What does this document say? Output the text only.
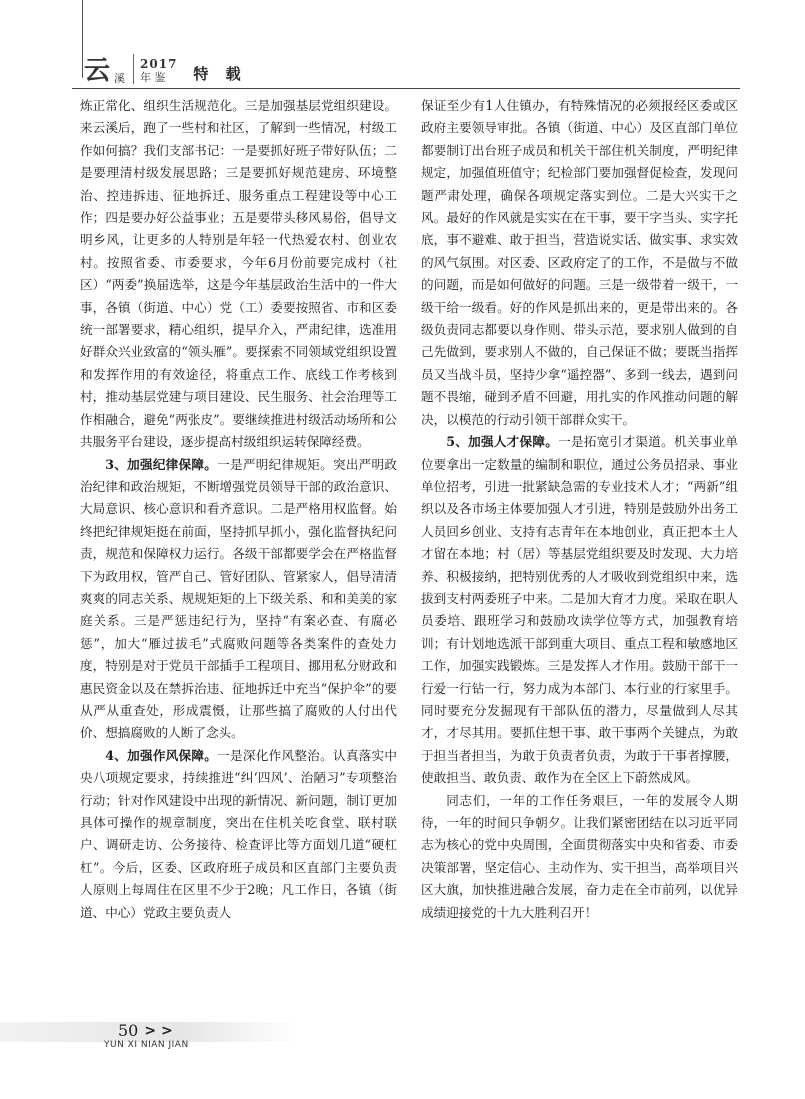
云 溪
2017
年 鉴	特 载

炼正常化、组织生活规范化。三是加强基层党组织建设。来云溪后，跑了一些村和社区，了解到一些情况，村级工作如何搞？我们支部书记：一是要抓好班子带好队伍；二是要理清村级发展思路；三是要抓好规范建房、环境整治、控违拆违、征地拆迁、服务重点工程建设等中心工作；四是要办好公益事业；五是要带头移风易俗，倡导文明乡风，让更多的人特别是年轻一代热爱农村、创业农村。按照省委、市委要求，今年6月份前要完成村（社区）“两委”换届选举，这是今年基层政治生活中的一件大事，各镇（街道、中心）党（工）委要按照省、市和区委统一部署要求，精心组织，提早介入，严肃纪律，选准用好群众兴业致富的“领头雁”。要探索不同领域党组织设置和发挥作用的有效途径，将重点工作、底线工作考核到村，推动基层党建与项目建设、民生服务、社会治理等工作相融合，避免“两张皮”。要继续推进村级活动场所和公共服务平台建设，逐步提高村级组织运转保障经费。

3、加强纪律保障。一是严明纪律规矩。突出严明政治纪律和政治规矩，不断增强党员领导干部的政治意识、大局意识、核心意识和看齐意识。二是严格用权监督。始终把纪律规矩挺在前面，坚持抓早抓小，强化监督执纪问责，规范和保障权力运行。各级干部都要学会在严格监督下为政用权，管严自己、管好团队、管紧家人，倡导清清爽爽的同志关系、规规矩矩的上下级关系、和和美美的家庭关系。三是严惩违纪行为，坚持“有案必查、有腐必惩”，加大“雁过拔毛”式腐败问题等各类案件的查处力度，特别是对于党员干部插手工程项目、挪用私分财政和惠民资金以及在禁拆治违、征地拆迁中充当“保护伞”的要从严从重查处，形成震慑，让那些搞了腐败的人付出代价、想搞腐败的人断了念头。

4、加强作风保障。一是深化作风整治。认真落实中央八项规定要求，持续推进“纠‘四风’、治陋习”专项整治行动；针对作风建设中出现的新情况、新问题，制订更加具体可操作的规章制度，突出在住机关吃食堂、联村联户、调研走访、公务接待、检查评比等方面划几道“硬杠杠”。今后，区委、区政府班子成员和区直部门主要负责人原则上每周住在区里不少于2晚；凡工作日，各镇（街道、中心）党政主要负责人

保证至少有1人住镇办，有特殊情况的必须报经区委或区政府主要领导审批。各镇（街道、中心）及区直部门单位都要制订出台班子成员和机关干部住机关制度，严明纪律规定，加强值班值守；纪检部门要加强督促检查，发现问题严肃处理，确保各项规定落实到位。二是大兴实干之风。最好的作风就是实实在在干事，要干字当头、实字托底，事不避难、敢于担当，营造说实话、做实事、求实效的风气氛围。对区委、区政府定了的工作，不是做与不做的问题，而是如何做好的问题。三是一级带着一级干，一级干给一级看。好的作风是抓出来的，更是带出来的。各级负责同志都要以身作则、带头示范，要求别人做到的自己先做到，要求别人不做的，自己保证不做；要既当指挥员又当战斗员，坚持少拿“遥控器”、多到一线去，遇到问题不畏缩，碰到矛盾不回避，用扎实的作风推动问题的解决，以模范的行动引领干部群众实干。

5、加强人才保障。一是拓宽引才渠道。机关事业单位要拿出一定数量的编制和职位，通过公务员招录、事业单位招考，引进一批紧缺急需的专业技术人才；“两新”组织以及各市场主体要加强人才引进，特别是鼓励外出务工人员回乡创业、支持有志青年在本地创业，真正把本土人才留在本地；村（居）等基层党组织要及时发现、大力培养、积极接纳，把特别优秀的人才吸收到党组织中来，选拔到支村两委班子中来。二是加大育才力度。采取在职人员委培、跟班学习和鼓励攻读学位等方式，加强教育培训；有计划地选派干部到重大项目、重点工程和敏感地区工作，加强实践锻炼。三是发挥人才作用。鼓励干部干一行爱一行钻一行，努力成为本部门、本行业的行家里手。同时要充分发掘现有干部队伍的潜力，尽量做到人尽其才，才尽其用。要抓住想干事、敢干事两个关键点，为敢于担当者担当，为敢于负责者负责，为敢于干事者撑腰，使敢担当、敢负责、敢作为在全区上下蔚然成风。

同志们，一年的工作任务艰巨，一年的发展令人期待，一年的时间只争朝夕。让我们紧密团结在以习近平同志为核心的党中央周围，全面贯彻落实中央和省委、市委决策部署，坚定信心、主动作为、实干担当，高举项目兴区大旗，加快推进融合发展，奋力走在全市前列，以优异成绩迎接党的十九大胜利召开！

50 > >
YUN XI NIAN JIAN
